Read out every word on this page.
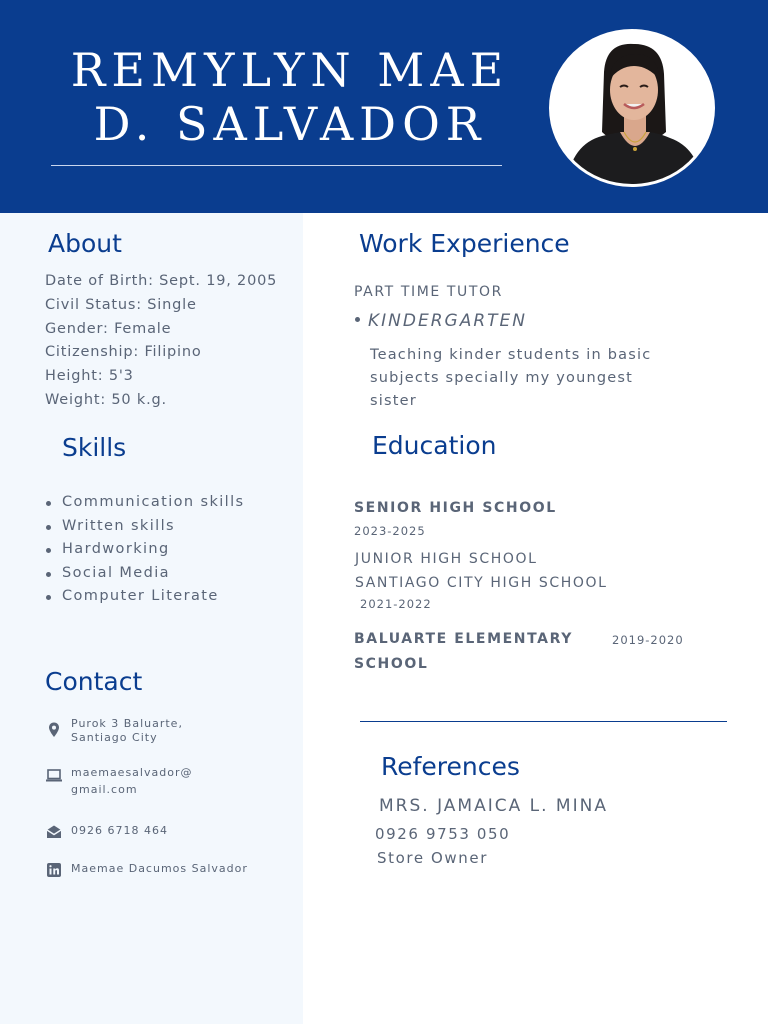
REMYLYN MAE
D. SALVADOR
About
Date of Birth: Sept. 19, 2005
Civil Status: Single
Gender: Female
Citizenship: Filipino
Height: 5'3
Weight: 50 k.g.
Skills
Communication skills
Written skills
Hardworking
Social Media
Computer Literate
Contact
Purok 3 Baluarte,
Santiago City
maemaesalvador@
gmail.com
0926 6718 464
Maemae Dacumos Salvador
Work Experience
PART TIME TUTOR
KINDERGARTEN
Teaching kinder students in basic subjects specially my youngest sister
Education
SENIOR HIGH SCHOOL
2023-2025
JUNIOR HIGH SCHOOL
SANTIAGO CITY HIGH SCHOOL
2021-2022
BALUARTE ELEMENTARY
SCHOOL
2019-2020
References
MRS. JAMAICA L. MINA
0926 9753 050
Store Owner
